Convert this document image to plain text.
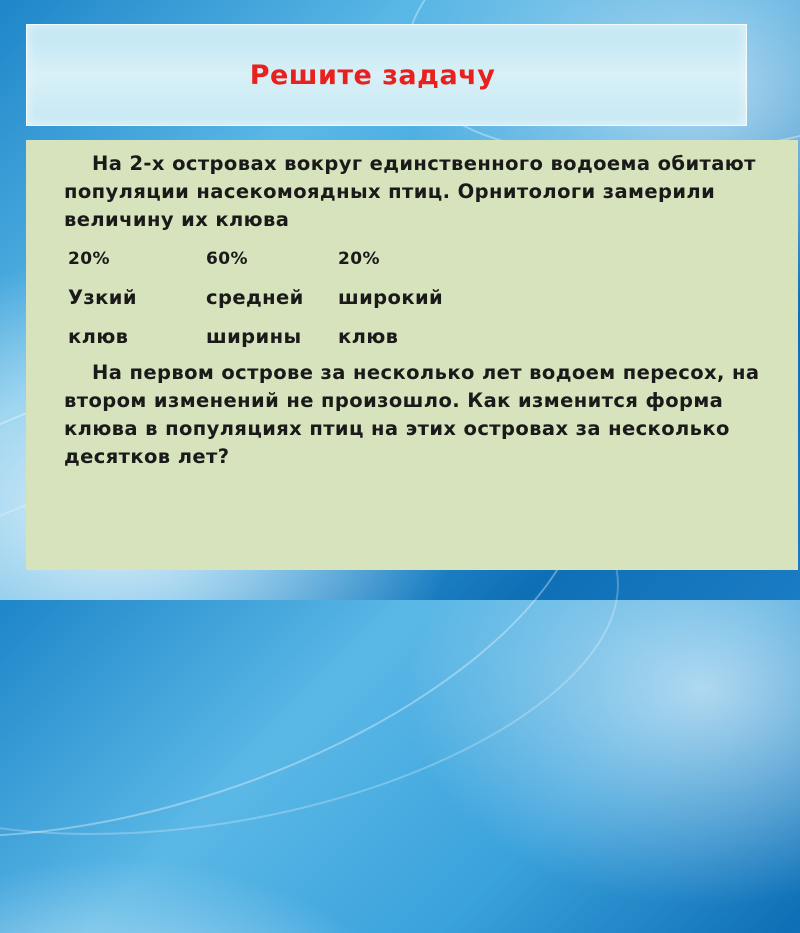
Решите задачу

На 2-х островах вокруг единственного водоема обитают популяции насекомоядных птиц. Орнитологи замерили величину их клюва

20%	60%	20%
Узкий	средней	широкий
клюв	ширины	клюв

На первом острове за несколько лет водоем пересох, на втором изменений не произошло. Как изменится форма клюва в популяциях птиц на этих островах за несколько десятков лет?
